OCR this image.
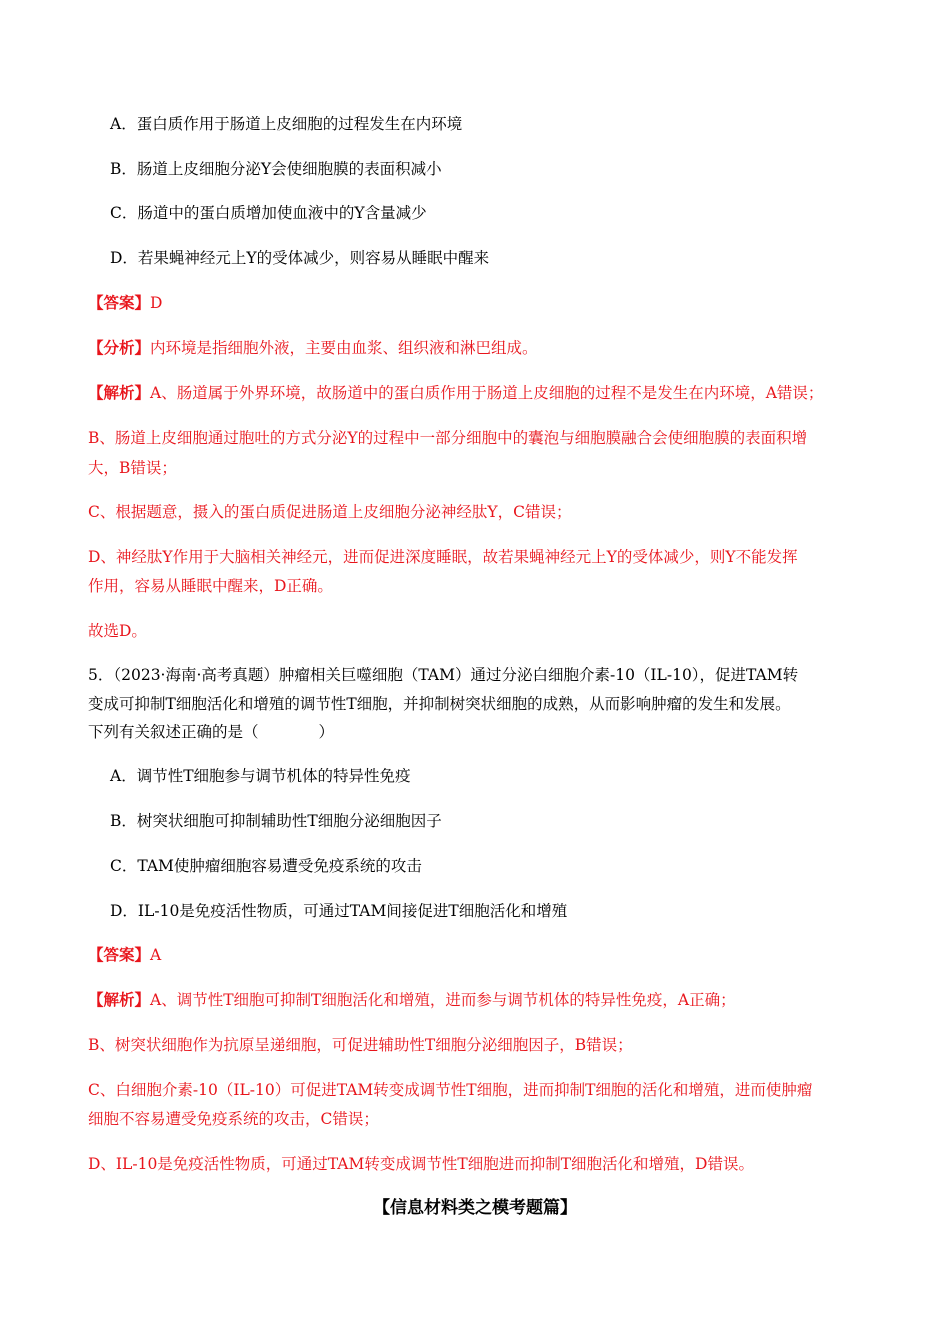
A．蛋白质作用于肠道上皮细胞的过程发生在内环境
B．肠道上皮细胞分泌Y会使细胞膜的表面积减小
C．肠道中的蛋白质增加使血液中的Y含量减少
D．若果蝇神经元上Y的受体减少，则容易从睡眠中醒来
【答案】D
【分析】内环境是指细胞外液，主要由血浆、组织液和淋巴组成。
【解析】A、肠道属于外界环境，故肠道中的蛋白质作用于肠道上皮细胞的过程不是发生在内环境，A错误；
B、肠道上皮细胞通过胞吐的方式分泌Y的过程中一部分细胞中的囊泡与细胞膜融合会使细胞膜的表面积增
大，B错误；
C、根据题意，摄入的蛋白质促进肠道上皮细胞分泌神经肽Y，C错误；
D、神经肽Y作用于大脑相关神经元，进而促进深度睡眠，故若果蝇神经元上Y的受体减少，则Y不能发挥
作用，容易从睡眠中醒来，D正确。
故选D。
5．（2023·海南·高考真题）肿瘤相关巨噬细胞（TAM）通过分泌白细胞介素-10（IL-10），促进TAM转
变成可抑制T细胞活化和增殖的调节性T细胞，并抑制树突状细胞的成熟，从而影响肿瘤的发生和发展。
下列有关叙述正确的是（	）
A．调节性T细胞参与调节机体的特异性免疫
B．树突状细胞可抑制辅助性T细胞分泌细胞因子
C．TAM使肿瘤细胞容易遭受免疫系统的攻击
D．IL-10是免疫活性物质，可通过TAM间接促进T细胞活化和增殖
【答案】A
【解析】A、调节性T细胞可抑制T细胞活化和增殖，进而参与调节机体的特异性免疫，A正确；
B、树突状细胞作为抗原呈递细胞，可促进辅助性T细胞分泌细胞因子，B错误；
C、白细胞介素-10（IL-10）可促进TAM转变成调节性T细胞，进而抑制T细胞的活化和增殖，进而使肿瘤
细胞不容易遭受免疫系统的攻击，C错误；
D、IL-10是免疫活性物质，可通过TAM转变成调节性T细胞进而抑制T细胞活化和增殖，D错误。
【信息材料类之模考题篇】
